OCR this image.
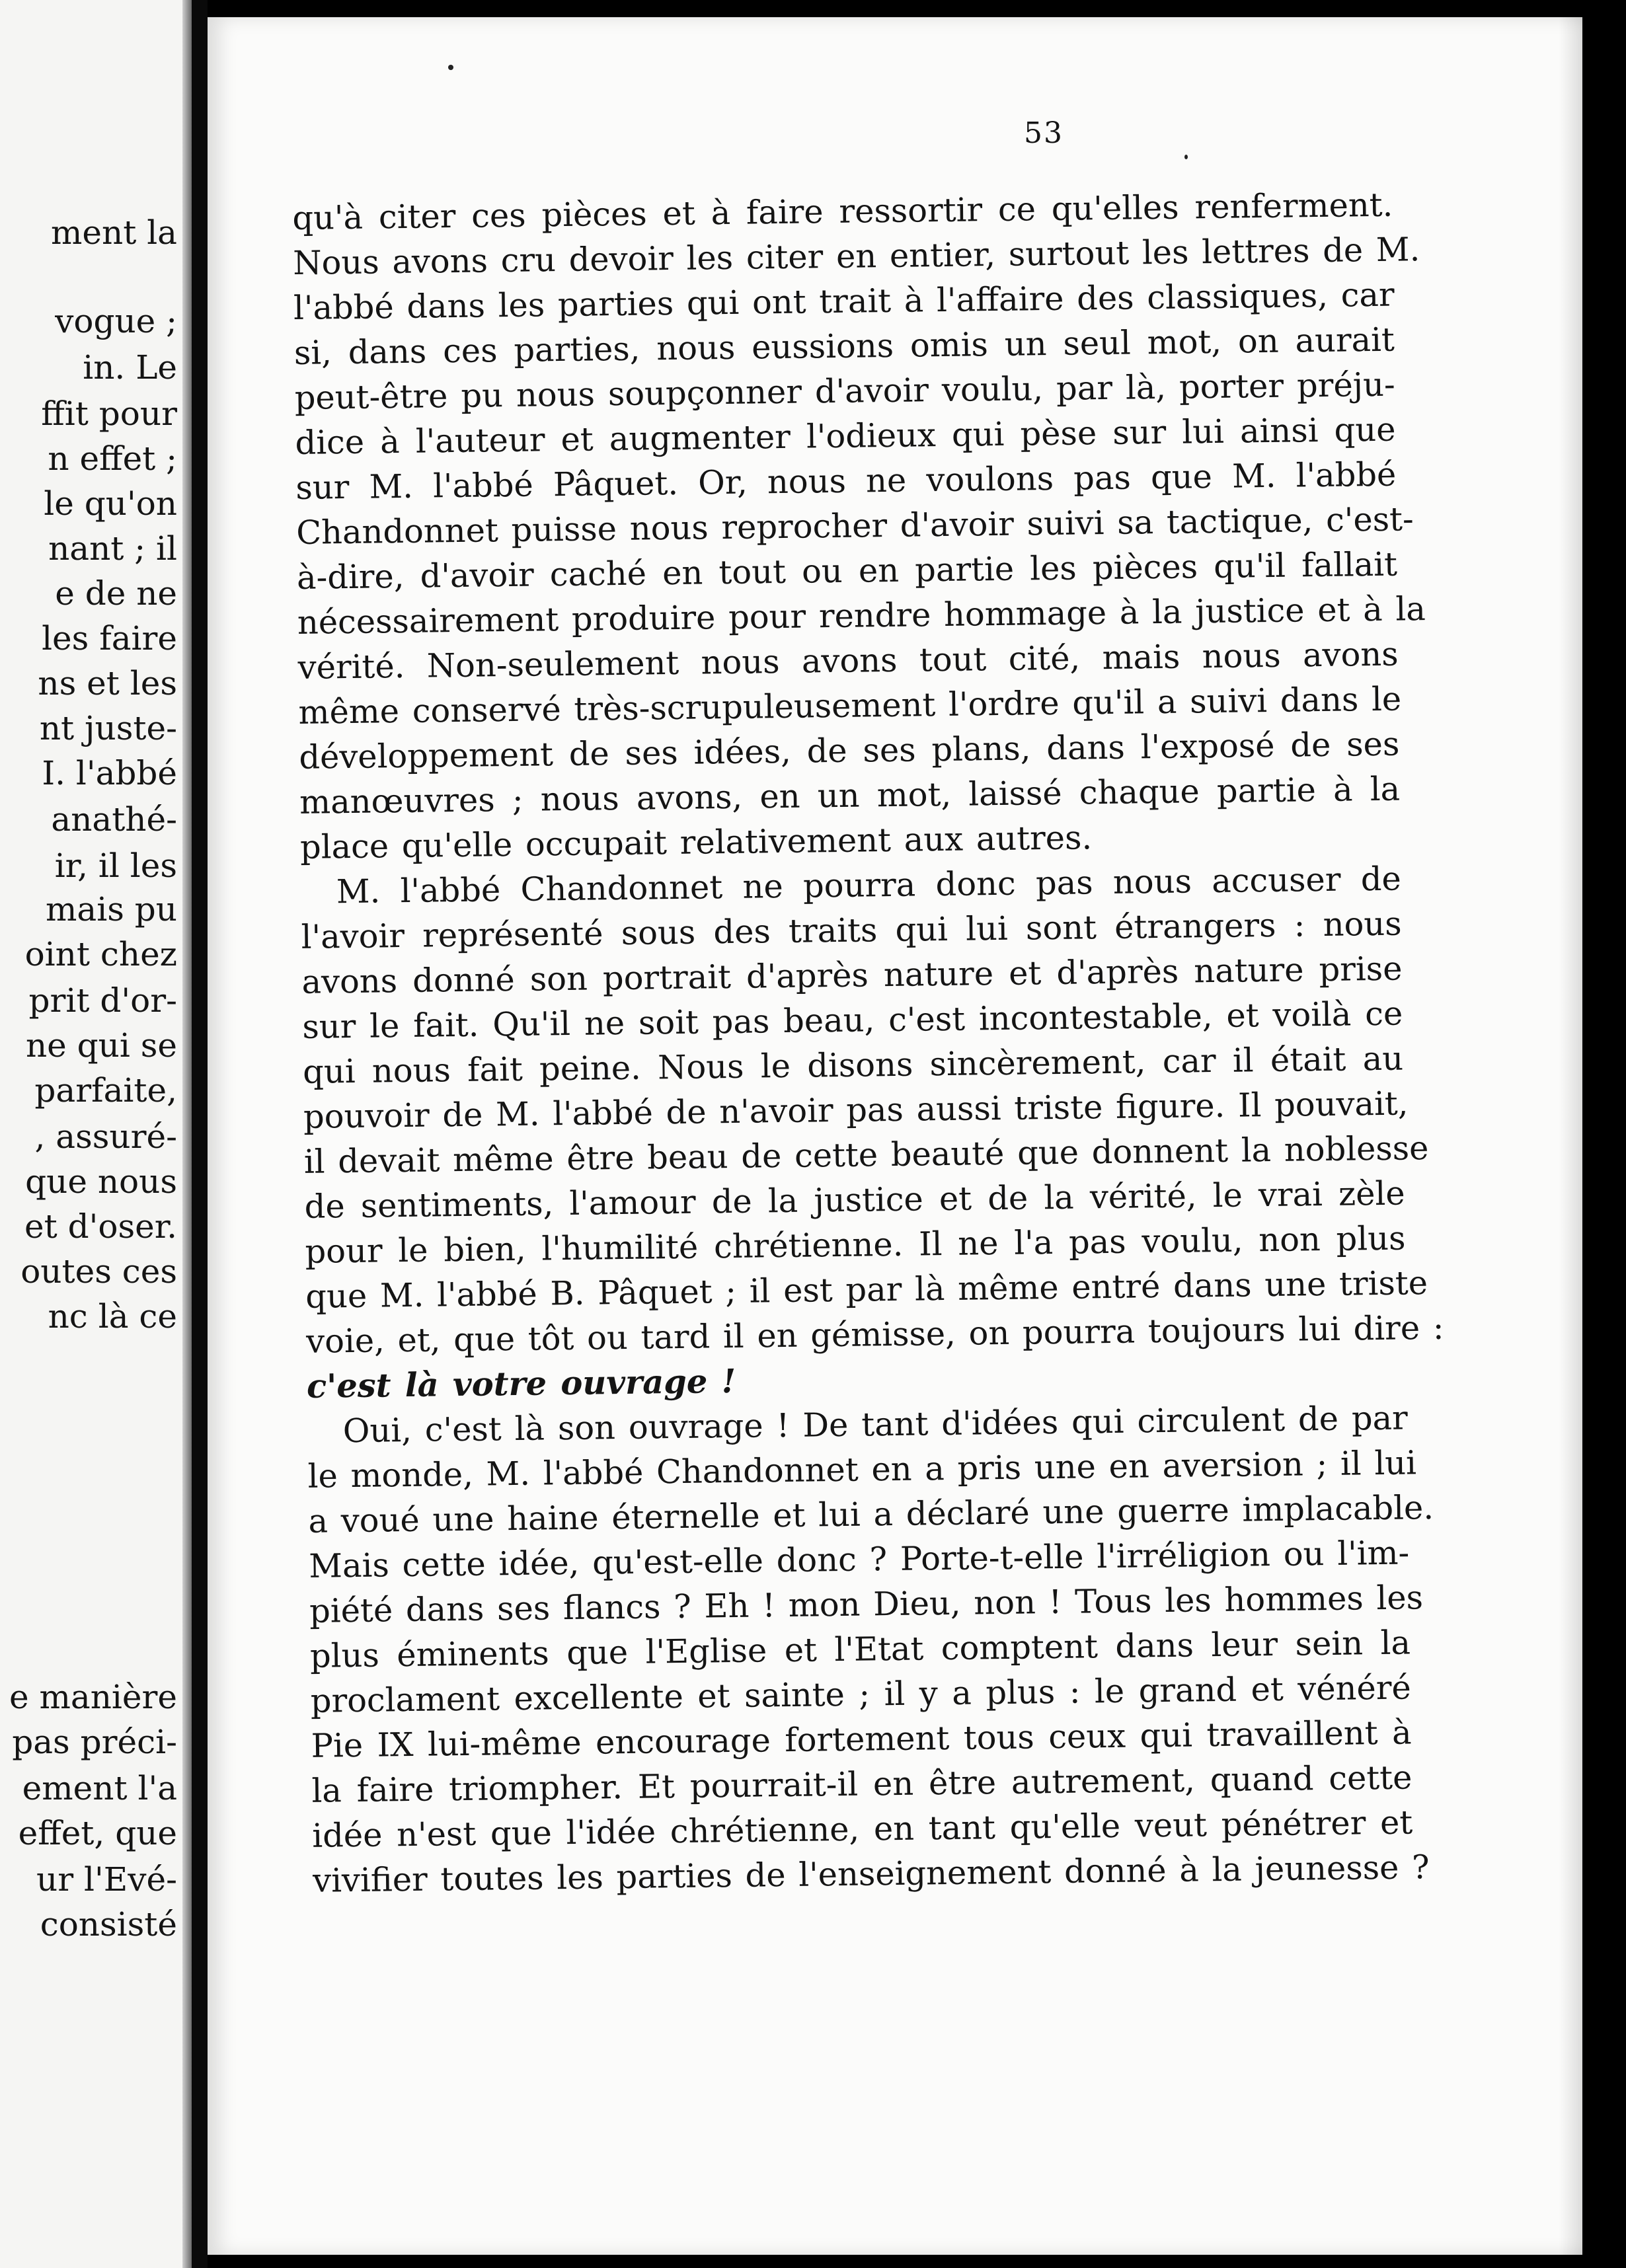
ment la
vogue ;
in. Le
ffit pour
n effet ;
le qu'on
nant ; il
e de ne
les faire
ns et les
nt juste-
I. l'abbé
anathé-
ir, il les
mais pu
oint chez
prit d'or-
ne qui se
parfaite,
, assuré-
que nous
et d'oser.
outes ces
nc là ce
e manière
pas préci-
ement l'a
effet, que
ur l'Evé-
consisté
53
qu'à citer ces pièces et à faire ressortir ce qu'elles renferment.
Nous avons cru devoir les citer en entier, surtout les lettres de M.
l'abbé dans les parties qui ont trait à l'affaire des classiques, car
si, dans ces parties, nous eussions omis un seul mot, on aurait
peut-être pu nous soupçonner d'avoir voulu, par là, porter préju-
dice à l'auteur et augmenter l'odieux qui pèse sur lui ainsi que
sur M. l'abbé Pâquet. Or, nous ne voulons pas que M. l'abbé
Chandonnet puisse nous reprocher d'avoir suivi sa tactique, c'est-
à-dire, d'avoir caché en tout ou en partie les pièces qu'il fallait
nécessairement produire pour rendre hommage à la justice et à la
vérité. Non-seulement nous avons tout cité, mais nous avons
même conservé très-scrupuleusement l'ordre qu'il a suivi dans le
développement de ses idées, de ses plans, dans l'exposé de ses
manœuvres ; nous avons, en un mot, laissé chaque partie à la
place qu'elle occupait relativement aux autres.
M. l'abbé Chandonnet ne pourra donc pas nous accuser de
l'avoir représenté sous des traits qui lui sont étrangers : nous
avons donné son portrait d'après nature et d'après nature prise
sur le fait. Qu'il ne soit pas beau, c'est incontestable, et voilà ce
qui nous fait peine. Nous le disons sincèrement, car il était au
pouvoir de M. l'abbé de n'avoir pas aussi triste figure. Il pouvait,
il devait même être beau de cette beauté que donnent la noblesse
de sentiments, l'amour de la justice et de la vérité, le vrai zèle
pour le bien, l'humilité chrétienne. Il ne l'a pas voulu, non plus
que M. l'abbé B. Pâquet ; il est par là même entré dans une triste
voie, et, que tôt ou tard il en gémisse, on pourra toujours lui dire :
c'est là votre ouvrage !
Oui, c'est là son ouvrage ! De tant d'idées qui circulent de par
le monde, M. l'abbé Chandonnet en a pris une en aversion ; il lui
a voué une haine éternelle et lui a déclaré une guerre implacable.
Mais cette idée, qu'est-elle donc ? Porte-t-elle l'irréligion ou l'im-
piété dans ses flancs ? Eh ! mon Dieu, non ! Tous les hommes les
plus éminents que l'Eglise et l'Etat comptent dans leur sein la
proclament excellente et sainte ; il y a plus : le grand et vénéré
Pie IX lui-même encourage fortement tous ceux qui travaillent à
la faire triompher. Et pourrait-il en être autrement, quand cette
idée n'est que l'idée chrétienne, en tant qu'elle veut pénétrer et
vivifier toutes les parties de l'enseignement donné à la jeunesse ?
